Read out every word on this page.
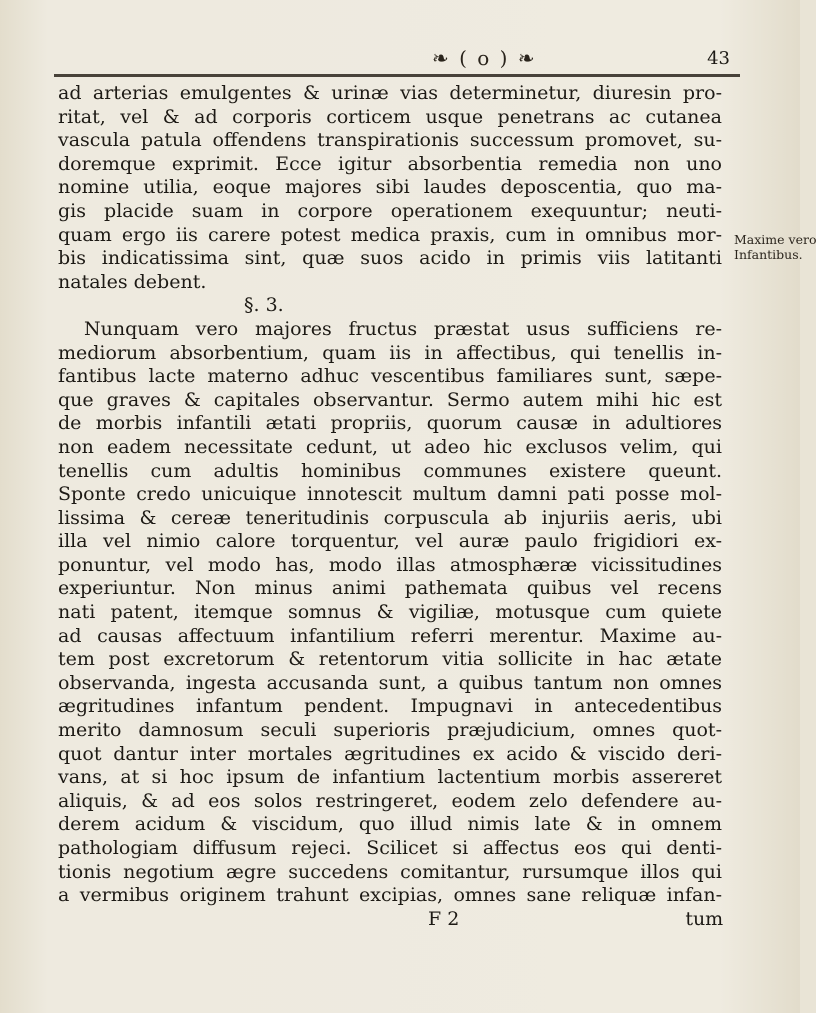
❧ ( o ) ❧	43
ad arterias emulgentes & urinæ vias determinetur, diuresin pro-
ritat, vel & ad corporis corticem usque penetrans ac cutanea
vascula patula offendens transpirationis successum promovet, su-
doremque exprimit. Ecce igitur absorbentia remedia non uno
nomine utilia, eoque majores sibi laudes deposcentia, quo ma-
gis placide suam in corpore operationem exequuntur; neuti-
quam ergo iis carere potest medica praxis, cum in omnibus mor-
bis indicatissima sint, quæ suos acido in primis viis latitanti
natales debent.
§. 3.
Nunquam vero majores fructus præstat usus sufficiens re-
mediorum absorbentium, quam iis in affectibus, qui tenellis in-
fantibus lacte materno adhuc vescentibus familiares sunt, sæpe-
que graves & capitales observantur. Sermo autem mihi hic est
de morbis infantili ætati propriis, quorum causæ in adultiores
non eadem necessitate cedunt, ut adeo hic exclusos velim, qui
tenellis cum adultis hominibus communes existere queunt.
Sponte credo unicuique innotescit multum damni pati posse mol-
lissima & cereæ teneritudinis corpuscula ab injuriis aeris, ubi
illa vel nimio calore torquentur, vel auræ paulo frigidiori ex-
ponuntur, vel modo has, modo illas atmosphæræ vicissitudines
experiuntur. Non minus animi pathemata quibus vel recens
nati patent, itemque somnus & vigiliæ, motusque cum quiete
ad causas affectuum infantilium referri merentur. Maxime au-
tem post excretorum & retentorum vitia sollicite in hac ætate
observanda, ingesta accusanda sunt, a quibus tantum non omnes
ægritudines infantum pendent. Impugnavi in antecedentibus
merito damnosum seculi superioris præjudicium, omnes quot-
quot dantur inter mortales ægritudines ex acido & viscido deri-
vans, at si hoc ipsum de infantium lactentium morbis assereret
aliquis, & ad eos solos restringeret, eodem zelo defendere au-
derem acidum & viscidum, quo illud nimis late & in omnem
pathologiam diffusum rejeci. Scilicet si affectus eos qui denti-
tionis negotium ægre succedens comitantur, rursumque illos qui
a vermibus originem trahunt excipias, omnes sane reliquæ infan-
F 2	tum
Maxime vero
Infantibus.
